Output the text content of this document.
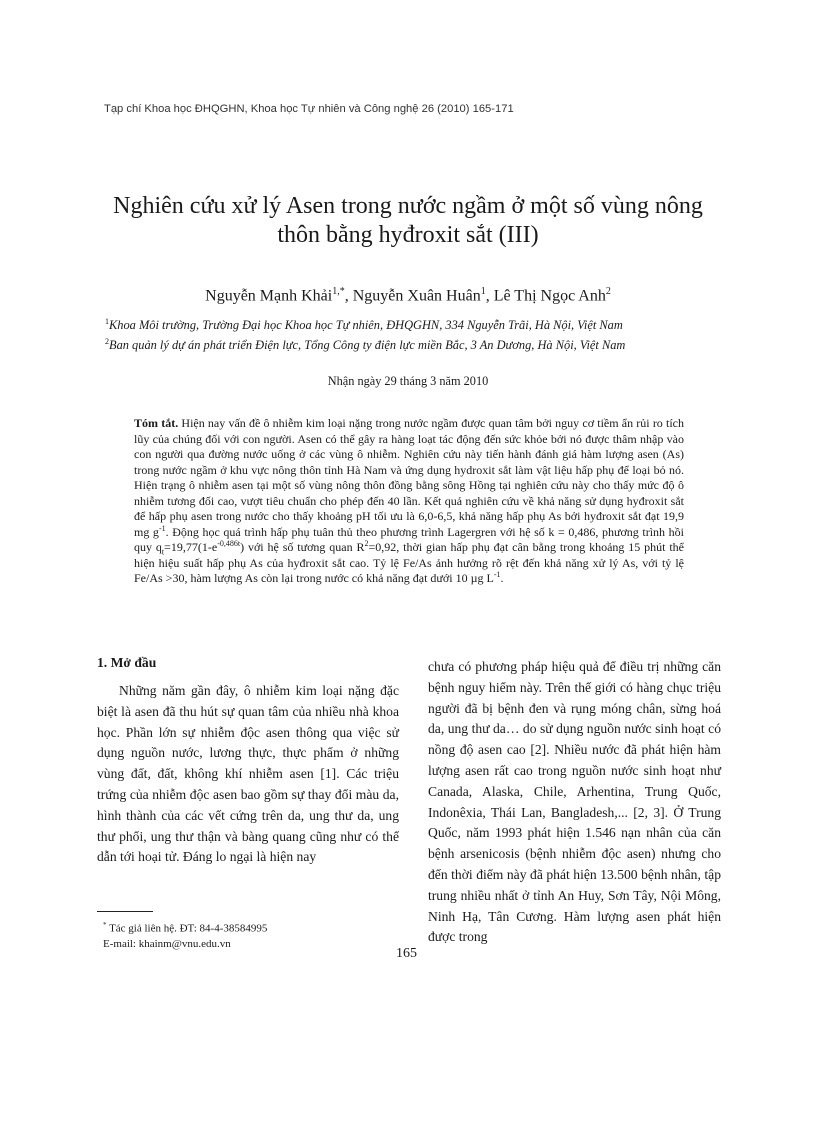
Tạp chí Khoa học ĐHQGHN, Khoa học Tự nhiên và Công nghệ 26 (2010) 165-171
Nghiên cứu xử lý Asen trong nước ngầm ở một số vùng nông
thôn bằng hyđroxit sắt (III)
Nguyễn Mạnh Khải$^{1,*}$, Nguyễn Xuân Huân$^1$, Lê Thị Ngọc Anh$^2$
$^1$Khoa Môi trường, Trường Đại học Khoa học Tự nhiên, ĐHQGHN, 334 Nguyễn Trãi, Hà Nội, Việt Nam
$^2$Ban quản lý dự án phát triển Điện lực, Tổng Công ty điện lực miền Bắc, 3 An Dương, Hà Nội, Việt Nam
Nhận ngày 29 tháng 3 năm 2010
Tóm tắt. Hiện nay vấn đề ô nhiễm kim loại nặng trong nước ngầm được quan tâm bởi nguy cơ tiềm ẩn rủi ro tích lũy của chúng đối với con người. Asen có thể gây ra hàng loạt tác động đến sức khỏe bởi nó được thâm nhập vào con người qua đường nước uống ở các vùng ô nhiễm. Nghiên cứu này tiến hành đánh giá hàm lượng asen (As) trong nước ngầm ở khu vực nông thôn tỉnh Hà Nam và ứng dụng hydroxit sắt làm vật liệu hấp phụ để loại bỏ nó. Hiện trạng ô nhiễm asen tại một số vùng nông thôn đồng bằng sông Hồng tại nghiên cứu này cho thấy mức độ ô nhiễm tương đối cao, vượt tiêu chuẩn cho phép đến 40 lần. Kết quả nghiên cứu về khả năng sử dụng hyđroxit sắt để hấp phụ asen trong nước cho thấy khoảng pH tối ưu là 6,0-6,5, khả năng hấp phụ As bởi hyđroxit sắt đạt 19,9 mg $g^{-1}$. Động học quá trình hấp phụ tuân thủ theo phương trình Lagergren với hệ số k = 0,486, phương trình hồi quy $q_t=19,77(1-e^{-0,486t})$ với hệ số tương quan $R^2=0,92$, thời gian hấp phụ đạt cân bằng trong khoảng 15 phút thể hiện hiệu suất hấp phụ As của hyđroxit sắt cao. Tỷ lệ Fe/As ảnh hưởng rõ rệt đến khả năng xử lý As, với tỷ lệ Fe/As >30, hàm lượng As còn lại trong nước có khả năng đạt dưới 10 µg $L^{-1}$.
1. Mở đầu

Những năm gần đây, ô nhiễm kim loại nặng đặc biệt là asen đã thu hút sự quan tâm của nhiều nhà khoa học. Phần lớn sự nhiễm độc asen thông qua việc sử dụng nguồn nước, lương thực, thực phẩm ở những vùng đất, đất, không khí nhiễm asen [1]. Các triệu trứng của nhiễm độc asen bao gồm sự thay đổi màu da, hình thành của các vết cứng trên da, ung thư da, ung thư phổi, ung thư thận và bàng quang cũng như có thể dẫn tới hoại tử. Đáng lo ngại là hiện nay

chưa có phương pháp hiệu quả để điều trị những căn bệnh nguy hiểm này. Trên thế giới có hàng chục triệu người đã bị bệnh đen và rụng móng chân, sừng hoá da, ung thư da… do sử dụng nguồn nước sinh hoạt có nồng độ asen cao [2]. Nhiều nước đã phát hiện hàm lượng asen rất cao trong nguồn nước sinh hoạt như Canada, Alaska, Chile, Arhentina, Trung Quốc, Indonêxia, Thái Lan, Bangladesh,... [2, 3]. Ở Trung Quốc, năm 1993 phát hiện 1.546 nạn nhân của căn bệnh arsenicosis (bệnh nhiễm độc asen) nhưng cho đến thời điểm này đã phát hiện 13.500 bệnh nhân, tập trung nhiều nhất ở tỉnh An Huy, Sơn Tây, Nội Mông, Ninh Hạ, Tân Cương. Hàm lượng asen phát hiện được trong

* Tác giả liên hệ. ĐT: 84-4-38584995
E-mail: khainm@vnu.edu.vn
165
